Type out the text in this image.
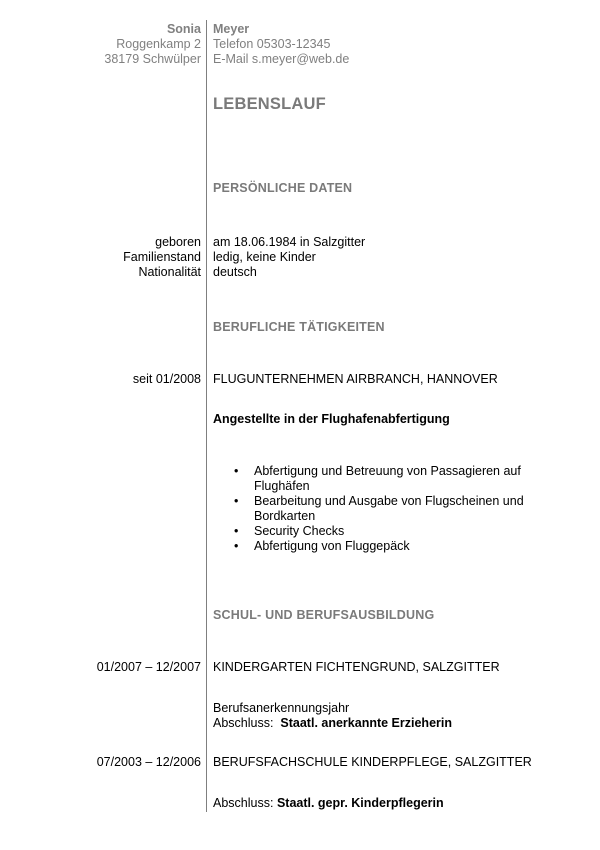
Sonia
Roggenkamp 2
38179 Schwülper
Meyer
Telefon 05303-12345
E-Mail s.meyer@web.de
LEBENSLAUF
PERSÖNLICHE DATEN
geboren
Familienstand
Nationalität
am 18.06.1984 in Salzgitter
ledig, keine Kinder
deutsch
BERUFLICHE TÄTIGKEITEN
seit 01/2008 FLUGUNTERNEHMEN AIRBRANCH, HANNOVER
Angestellte in der Flughafenabfertigung
• Abfertigung und Betreuung von Passagieren auf Flughäfen
• Bearbeitung und Ausgabe von Flugscheinen und Bordkarten
• Security Checks
• Abfertigung von Fluggepäck
SCHUL- UND BERUFSAUSBILDUNG
01/2007 – 12/2007 KINDERGARTEN FICHTENGRUND, SALZGITTER
Berufsanerkennungsjahr
Abschluss: Staatl. anerkannte Erzieherin
07/2003 – 12/2006 BERUFSFACHSCHULE KINDERPFLEGE, SALZGITTER
Abschluss: Staatl. gepr. Kinderpflegerin
